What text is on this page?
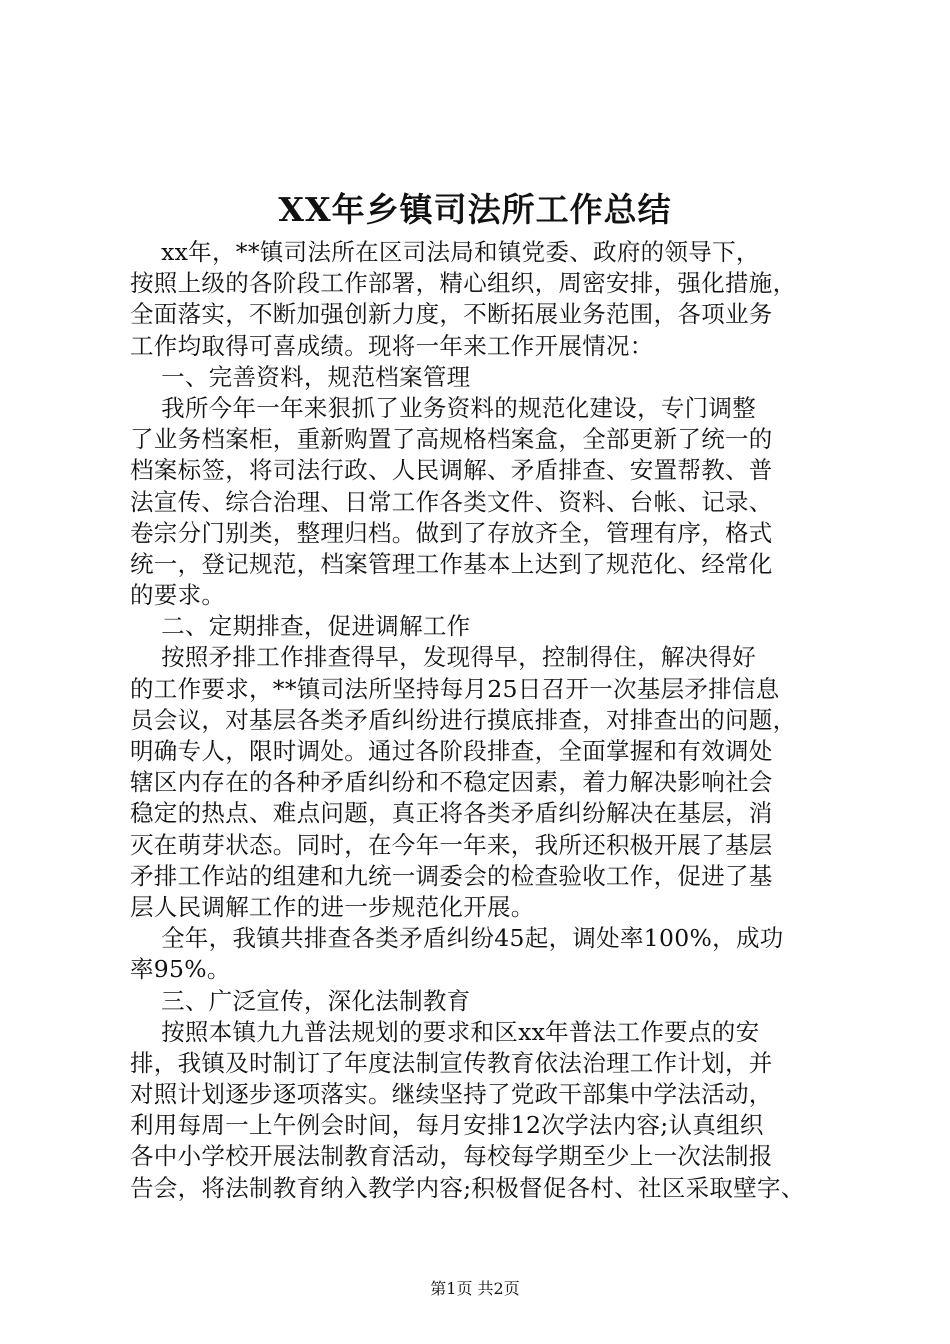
XX年乡镇司法所工作总结
xx年，**镇司法所在区司法局和镇党委、政府的领导下，
按照上级的各阶段工作部署，精心组织，周密安排，强化措施，
全面落实，不断加强创新力度，不断拓展业务范围，各项业务
工作均取得可喜成绩。现将一年来工作开展情况：
一、完善资料，规范档案管理
我所今年一年来狠抓了业务资料的规范化建设，专门调整
了业务档案柜，重新购置了高规格档案盒，全部更新了统一的
档案标签，将司法行政、人民调解、矛盾排查、安置帮教、普
法宣传、综合治理、日常工作各类文件、资料、台帐、记录、
卷宗分门别类，整理归档。做到了存放齐全，管理有序，格式
统一，登记规范，档案管理工作基本上达到了规范化、经常化
的要求。
二、定期排查，促进调解工作
按照矛排工作排查得早，发现得早，控制得住，解决得好
的工作要求，**镇司法所坚持每月25日召开一次基层矛排信息
员会议，对基层各类矛盾纠纷进行摸底排查，对排查出的问题，
明确专人，限时调处。通过各阶段排查，全面掌握和有效调处
辖区内存在的各种矛盾纠纷和不稳定因素，着力解决影响社会
稳定的热点、难点问题，真正将各类矛盾纠纷解决在基层，消
灭在萌芽状态。同时，在今年一年来，我所还积极开展了基层
矛排工作站的组建和九统一调委会的检查验收工作，促进了基
层人民调解工作的进一步规范化开展。
全年，我镇共排查各类矛盾纠纷45起，调处率100%，成功
率95%。
三、广泛宣传，深化法制教育
按照本镇九九普法规划的要求和区xx年普法工作要点的安
排，我镇及时制订了年度法制宣传教育依法治理工作计划，并
对照计划逐步逐项落实。继续坚持了党政干部集中学法活动，
利用每周一上午例会时间，每月安排12次学法内容;认真组织
各中小学校开展法制教育活动，每校每学期至少上一次法制报
告会，将法制教育纳入教学内容;积极督促各村、社区采取壁字、
第1页 共2页
